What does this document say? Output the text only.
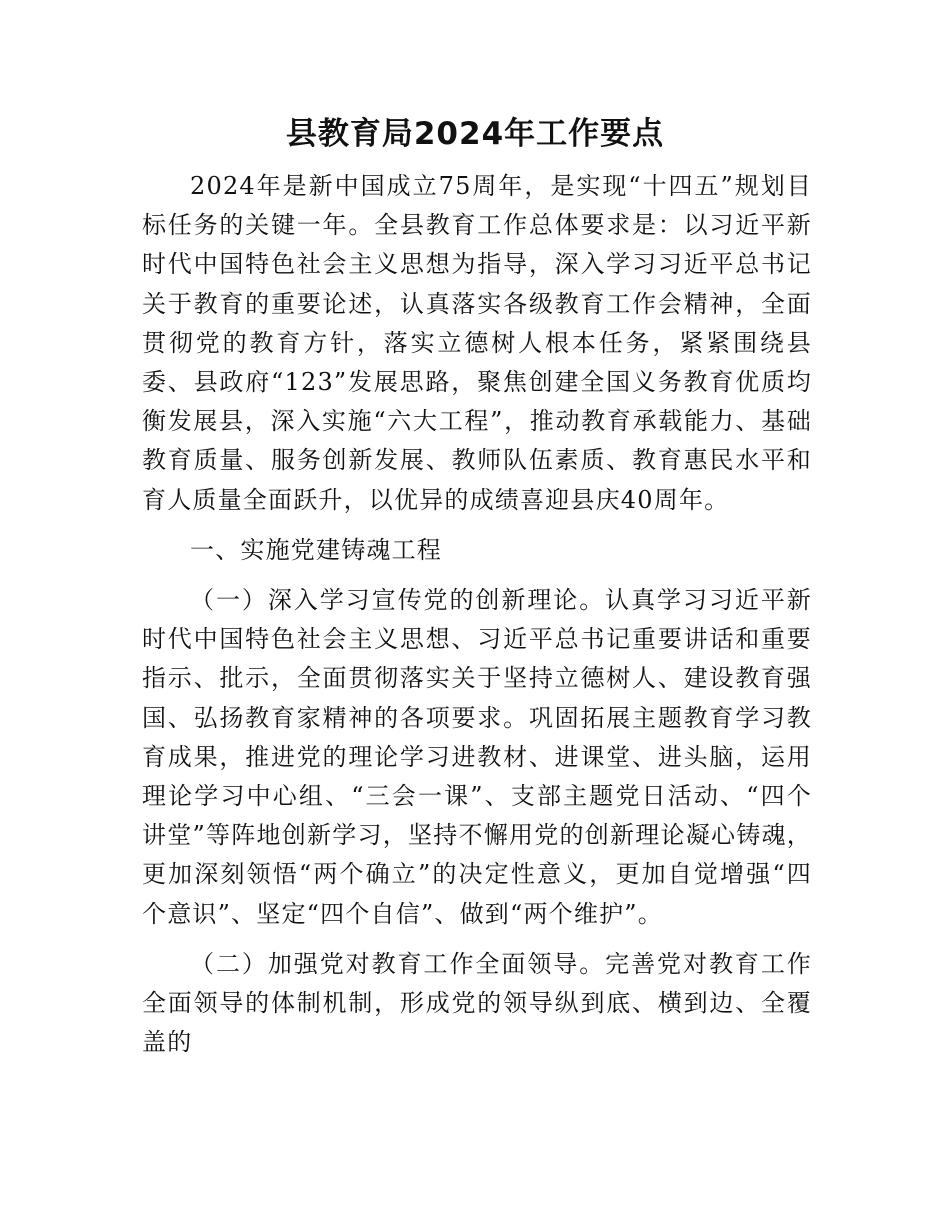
县教育局2024年工作要点

2024年是新中国成立75周年，是实现“十四五”规划目标任务的关键一年。全县教育工作总体要求是：以习近平新时代中国特色社会主义思想为指导，深入学习习近平总书记关于教育的重要论述，认真落实各级教育工作会精神，全面贯彻党的教育方针，落实立德树人根本任务，紧紧围绕县委、县政府“123”发展思路，聚焦创建全国义务教育优质均衡发展县，深入实施“六大工程”，推动教育承载能力、基础教育质量、服务创新发展、教师队伍素质、教育惠民水平和育人质量全面跃升，以优异的成绩喜迎县庆40周年。

一、实施党建铸魂工程

（一）深入学习宣传党的创新理论。认真学习习近平新时代中国特色社会主义思想、习近平总书记重要讲话和重要指示、批示，全面贯彻落实关于坚持立德树人、建设教育强国、弘扬教育家精神的各项要求。巩固拓展主题教育学习教育成果，推进党的理论学习进教材、进课堂、进头脑，运用理论学习中心组、“三会一课”、支部主题党日活动、“四个讲堂”等阵地创新学习，坚持不懈用党的创新理论凝心铸魂，更加深刻领悟“两个确立”的决定性意义，更加自觉增强“四个意识”、坚定“四个自信”、做到“两个维护”。

（二）加强党对教育工作全面领导。完善党对教育工作全面领导的体制机制，形成党的领导纵到底、横到边、全覆盖的
